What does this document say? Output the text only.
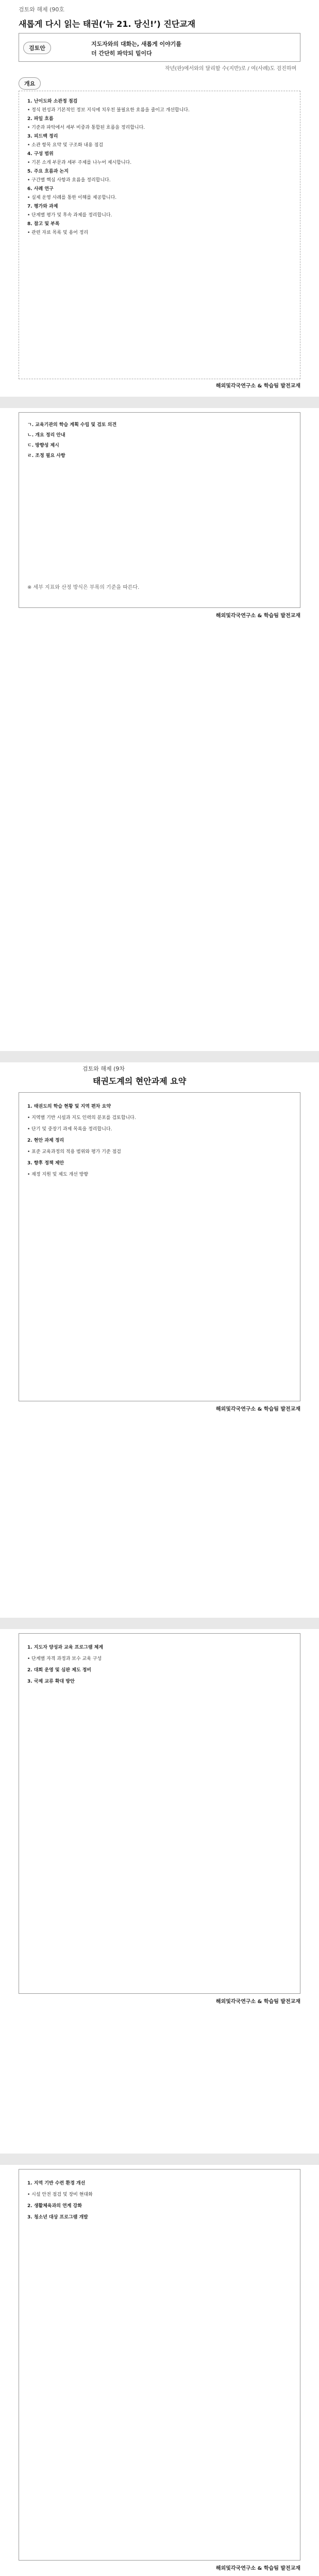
검토와 해제 (90호
새롭게 다시 읽는 태권(‘뉴 21. 당신!’) 진단교재
검토안
지도자와의 대화는, 새롭게 이야기를
더 간단히 파악되 밑이다
작년(판)에서와의 달리할 수(지반)로 / 여(사례)도 검진하며
개요
1. 난이도와 소관정 점검
• 정식 편성과 기본적인 정보 지식에 치우친 불필요한 흐름을 줄이고 개선합니다.
2. 파일 흐름
• 기준과 파악에서 세부 비중과 통합된 흐름을 정리합니다.
3. 피드백 정리
• 소관 항목 요약 및 구조화 내용 점검
4. 구성 범위
• 기본 소개 부문과 세부 주제를 나누어 제시합니다.
5. 주요 흐름과 논지
• 구간별 핵심 사항과 흐름을 정리합니다.
6. 사례 연구
• 실제 운영 사례를 통한 이해를 제공합니다.
7. 평가와 과제
• 단계별 평가 및 후속 과제를 정리합니다.
8. 참고 및 부록
• 관련 자료 목록 및 용어 정리
해외및각국연구소 & 학습팀 발전교재
ㄱ. 교육기관의 학습 계획 수립 및 검토 의견
ㄴ. 개요 정리 안내
ㄷ. 방향성 제시
ㄹ. 조정 필요 사항
※ 세부 지표와 산정 방식은 부록의 기준을 따른다.
해외및각국연구소 & 학습팀 발전교재
검토와 해제 (9차
태권도계의 현안과제 요약
1. 태권도의 학습 현황 및 지역 편차 요약
• 지역별 기반 시설과 지도 인력의 분포를 검토합니다.
• 단기 및 중장기 과제 목록을 정리합니다.
2. 현안 과제 정리
• 표준 교육과정의 적용 범위와 평가 기준 점검
3. 향후 정책 제안
• 재정 지원 및 제도 개선 방향
해외및각국연구소 & 학습팀 발전교재
1. 지도자 양성과 교육 프로그램 체계
• 단계별 자격 과정과 보수 교육 구성
2. 대회 운영 및 심판 제도 정비
3. 국제 교류 확대 방안
해외및각국연구소 & 학습팀 발전교재
1. 지역 기반 수련 환경 개선
• 시설 안전 점검 및 장비 현대화
2. 생활체육과의 연계 강화
3. 청소년 대상 프로그램 개발
해외및각국연구소 & 학습팀 발전교재
